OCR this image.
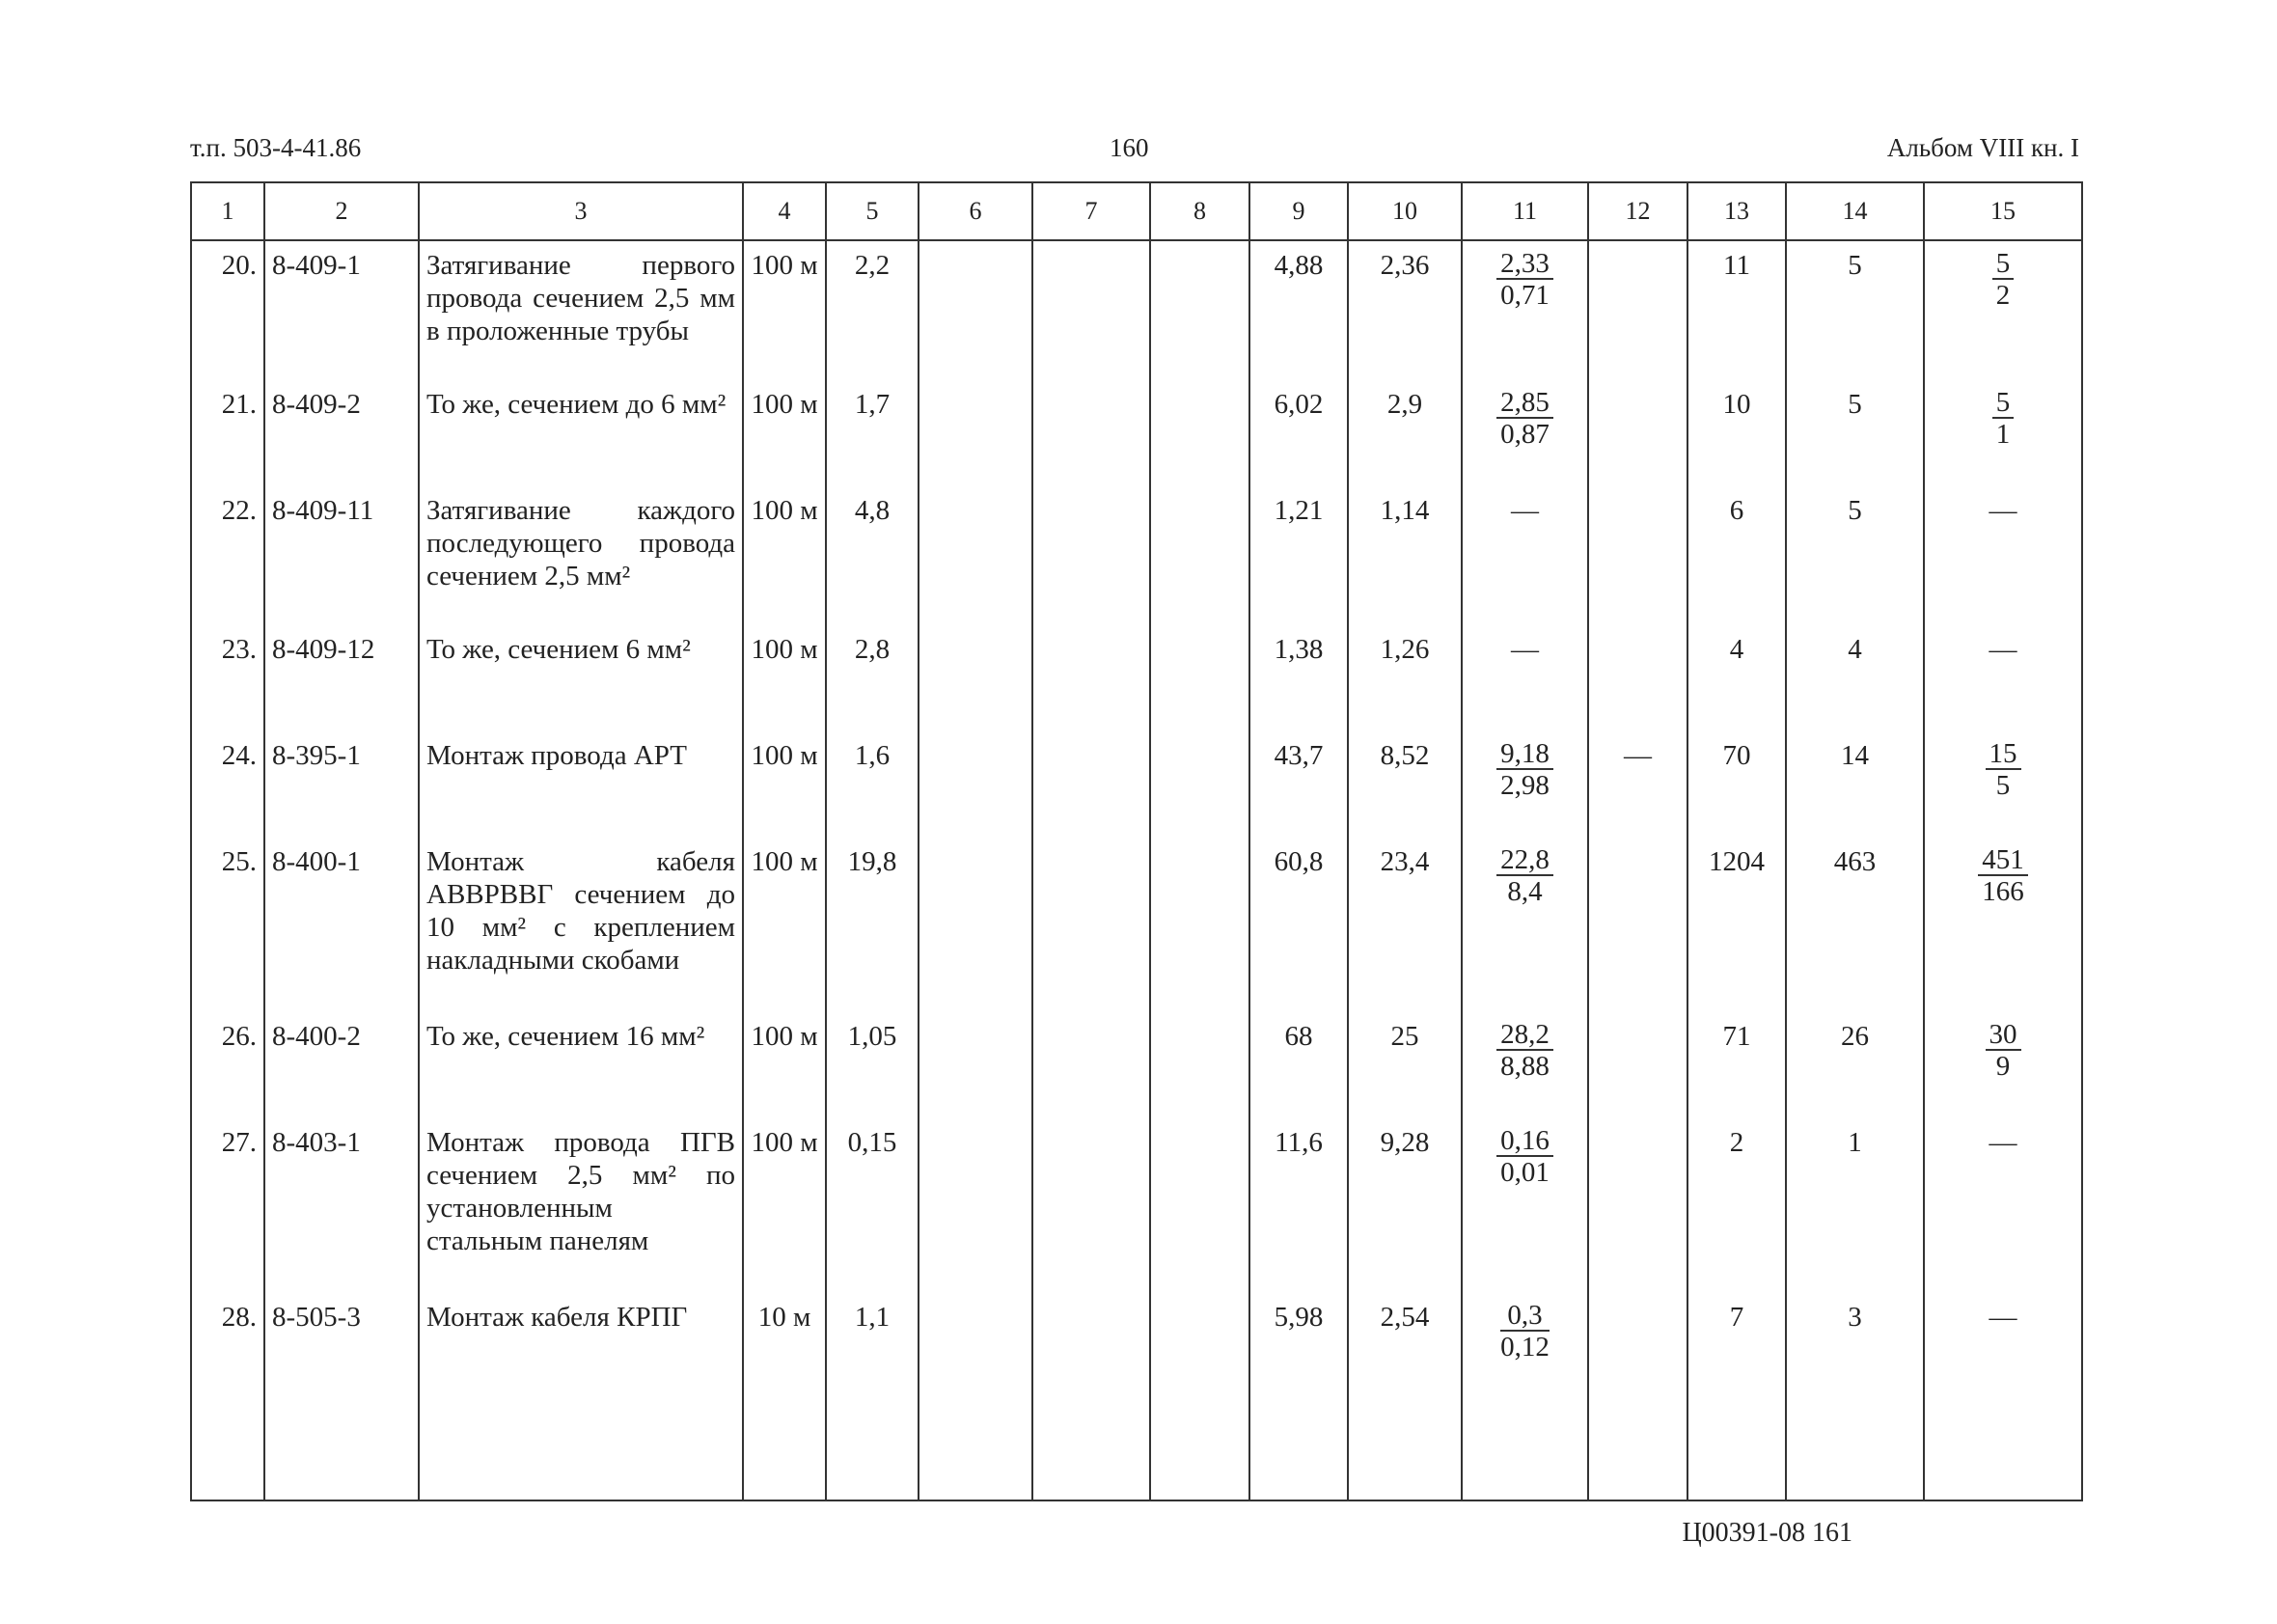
т.п. 503-4-41.86	160	Альбом VIII кн. I
1	2	3	4	5	6	7	8	9	10	11	12	13	14	15
20.	8-409-1	Затягивание первого провода сечением 2,5 мм в проложенные трубы	100 м	2,2				4,88	2,36	$\frac{2,33}{0,71}$		11	5	$\frac{5}{2}$

21.	8-409-2	То же, сечением до 6 мм²	100 м	1,7				6,02	2,9	$\frac{2,85}{0,87}$		10	5	$\frac{5}{1}$

22.	8-409-11	Затягивание каждого последующего провода сечением 2,5 мм²	100 м	4,8				1,21	1,14	—		6	5	—
23.	8-409-12	То же, сечением 6 мм²	100 м	2,8				1,38	1,26	—		4	4	—
24.	8-395-1	Монтаж провода АРТ	100 м	1,6				43,7	8,52	$\frac{9,18}{2,98}$	—	70	14	$\frac{15}{5}$

25.	8-400-1	Монтаж кабеля АВВРВВГ сечением до 10 мм² с креплением накладными скобами	100 м	19,8				60,8	23,4	$\frac{22,8}{8,4}$		1204	463	$\frac{451}{166}$

26.	8-400-2	То же, сечением 16 мм²	100 м	1,05				68	25	$\frac{28,2}{8,88}$		71	26	$\frac{30}{9}$

27.	8-403-1	Монтаж провода ПГВ сечением 2,5 мм² по установленным стальным панелям	100 м	0,15				11,6	9,28	$\frac{0,16}{0,01}$		2	1	—
28.	8-505-3	Монтаж кабеля КРПГ	10 м	1,1				5,98	2,54	$\frac{0,3}{0,12}$		7	3	—
Ц00391-08 161
